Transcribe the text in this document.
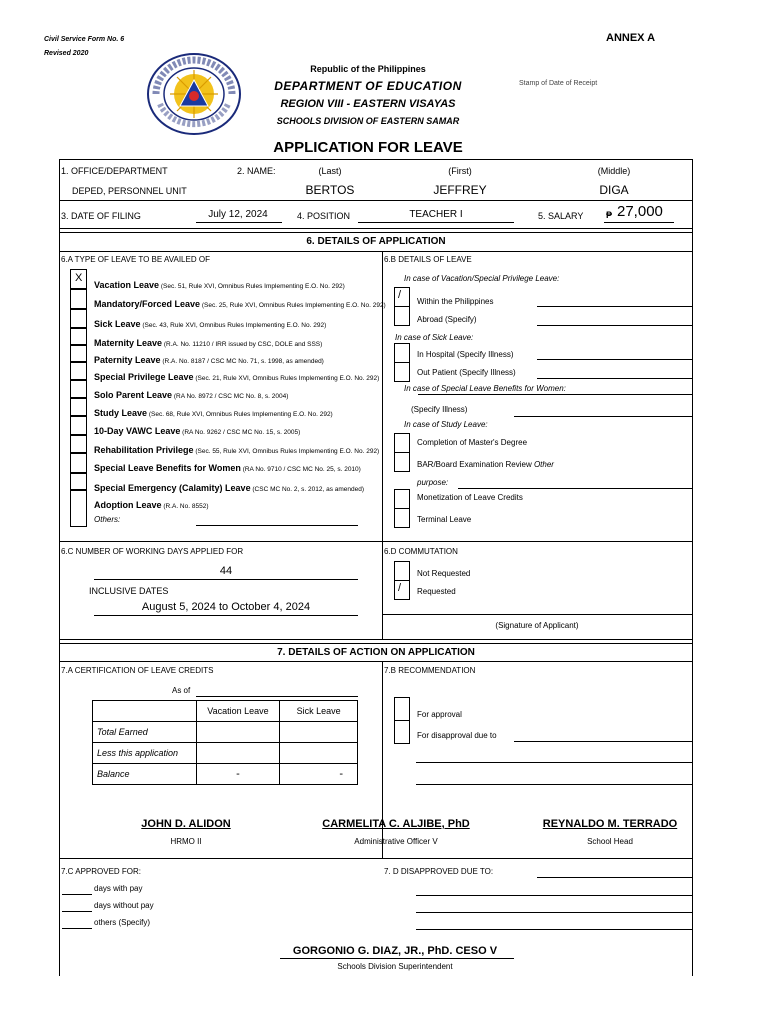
Civil Service Form No. 6
Revised 2020
ANNEX A
Republic of the Philippines
DEPARTMENT OF EDUCATION
REGION VIII - EASTERN VISAYAS
SCHOOLS DIVISION OF EASTERN SAMAR
Stamp of Date of Receipt
APPLICATION FOR LEAVE
1. OFFICE/DEPARTMENT
DEPED, PERSONNEL UNIT
2. NAME:	(Last)	(First)	(Middle)
BERTOS	JEFFREY	DIGA
3. DATE OF FILING	July 12, 2024	4. POSITION	TEACHER I	5. SALARY	₱ 27,000
6. DETAILS OF APPLICATION
6.A TYPE OF LEAVE TO BE AVAILED OF	6.B DETAILS OF LEAVE
X
Vacation Leave (Sec. 51, Rule XVI, Omnibus Rules Implementing E.O. No. 292)
Mandatory/Forced Leave (Sec. 25, Rule XVI, Omnibus Rules Implementing E.O. No. 292)
Sick Leave (Sec. 43, Rule XVI, Omnibus Rules Implementing E.O. No. 292)
Maternity Leave (R.A. No. 11210 / IRR issued by CSC, DOLE and SSS)
Paternity Leave (R.A. No. 8187 / CSC MC No. 71, s. 1998, as amended)
Special Privilege Leave (Sec. 21, Rule XVI, Omnibus Rules Implementing E.O. No. 292)
Solo Parent Leave (RA No. 8972 / CSC MC No. 8, s. 2004)
Study Leave (Sec. 68, Rule XVI, Omnibus Rules Implementing E.O. No. 292)
10-Day VAWC Leave (RA No. 9262 / CSC MC No. 15, s. 2005)
Rehabilitation Privilege (Sec. 55, Rule XVI, Omnibus Rules Implementing E.O. No. 292)
Special Leave Benefits for Women (RA No. 9710 / CSC MC No. 25, s. 2010)
Special Emergency (Calamity) Leave (CSC MC No. 2, s. 2012, as amended)
Adoption Leave (R.A. No. 8552)
Others:
In case of Vacation/Special Privilege Leave:
/
Within the Philippines
Abroad (Specify)
In case of Sick Leave:
In Hospital (Specify Illness)
Out Patient (Specify Illness)
In case of Special Leave Benefits for Women:
(Specify Illness)
In case of Study Leave:
Completion of Master's Degree
BAR/Board Examination Review Other
purpose:
Monetization of Leave Credits
Terminal Leave
6.C NUMBER OF WORKING DAYS APPLIED FOR
44
INCLUSIVE DATES
August 5, 2024 to October 4, 2024
6.D COMMUTATION
Not Requested
/ Requested
(Signature of Applicant)
7. DETAILS OF ACTION ON APPLICATION
7.A CERTIFICATION OF LEAVE CREDITS
As of
	Vacation Leave	Sick Leave
Total Earned		
Less this application		
Balance	-	-
7.B RECOMMENDATION
For approval
For disapproval due to
JOHN D. ALIDON
HRMO II
CARMELITA C. ALJIBE, PhD
Administrative Officer V
REYNALDO M. TERRADO
School Head
7.C APPROVED FOR:
days with pay
days without pay
others (Specify)
7. D DISAPPROVED DUE TO:
GORGONIO G. DIAZ, JR., PhD. CESO V
Schools Division Superintendent
